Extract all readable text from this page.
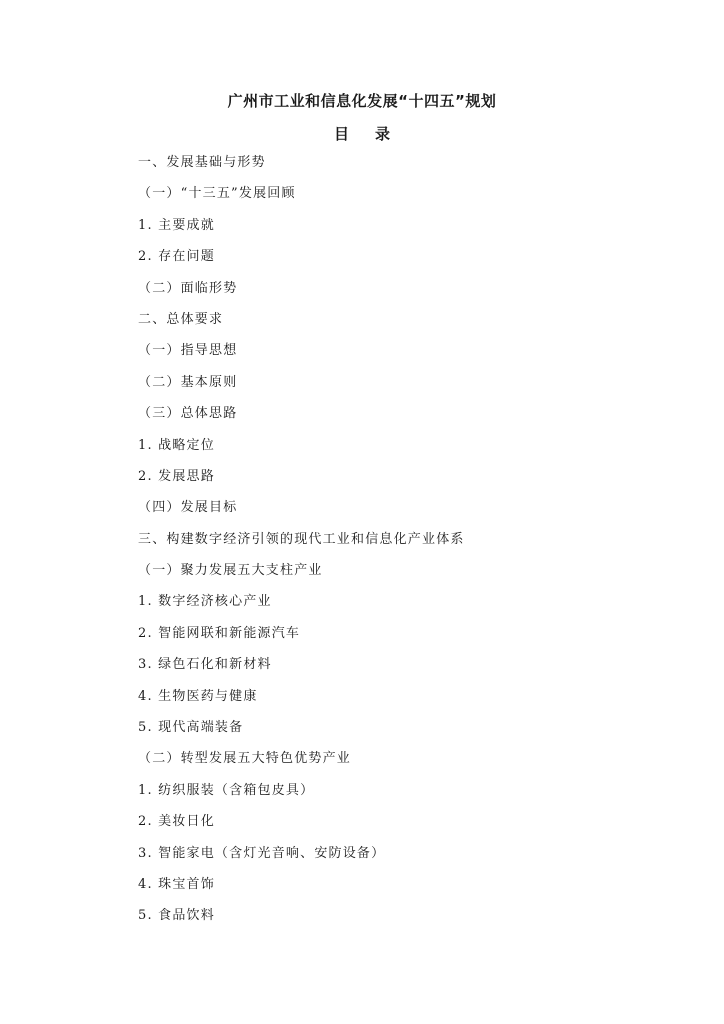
广州市工业和信息化发展“十四五”规划
目录
一、发展基础与形势
（一）“十三五”发展回顾
1. 主要成就
2. 存在问题
（二）面临形势
二、总体要求
（一）指导思想
（二）基本原则
（三）总体思路
1. 战略定位
2. 发展思路
（四）发展目标
三、构建数字经济引领的现代工业和信息化产业体系
（一）聚力发展五大支柱产业
1. 数字经济核心产业
2. 智能网联和新能源汽车
3. 绿色石化和新材料
4. 生物医药与健康
5. 现代高端装备
（二）转型发展五大特色优势产业
1. 纺织服装（含箱包皮具）
2. 美妆日化
3. 智能家电（含灯光音响、安防设备）
4. 珠宝首饰
5. 食品饮料
